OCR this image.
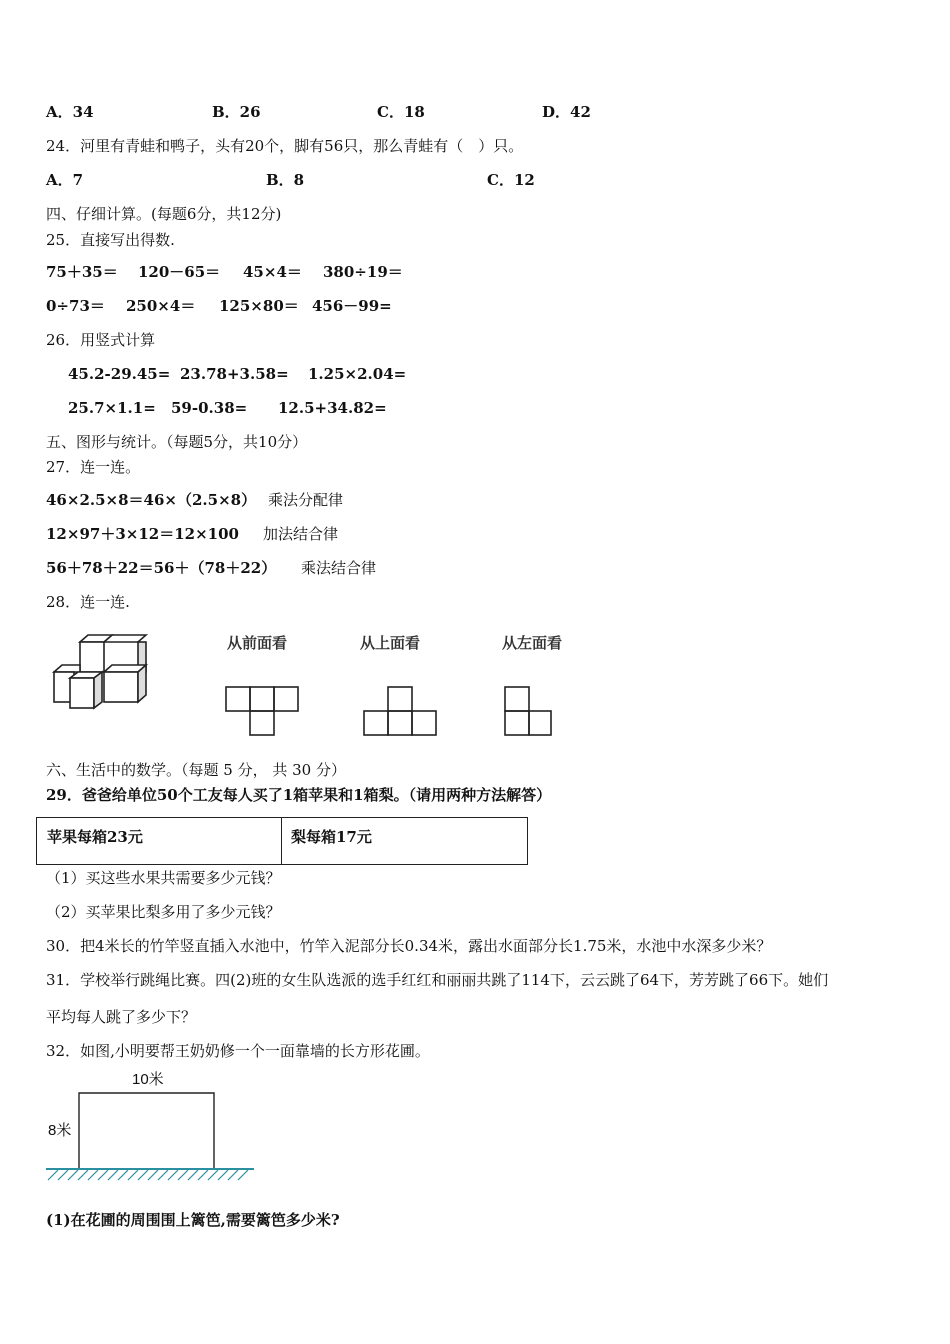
A．34	B．26	C．18	D．42
24．河里有青蛙和鸭子，头有20个，脚有56只，那么青蛙有（　）只。
A．7	B．8	C．12
四、仔细计算。(每题6分，共12分)
25．直接写出得数.
75＋35＝ 120－65＝ 45×4＝ 380÷19＝
0÷73＝ 250×4＝ 125×80＝ 456－99=
26．用竖式计算
45.2-29.45= 23.78+3.58= 1.25×2.04=
25.7×1.1= 59-0.38= 12.5+34.82=
五、图形与统计。（每题5分，共10分）
27．连一连。
46×2.5×8＝46×（2.5×8） 乘法分配律
12×97＋3×12＝12×100 加法结合律
56＋78＋22＝56＋（78＋22） 乘法结合律
28．连一连.
从前面看	从上面看	从左面看
六、生活中的数学。（每题 5 分， 共 30 分）
29．爸爸给单位50个工友每人买了1箱苹果和1箱梨。（请用两种方法解答）
苹果每箱23元	梨每箱17元
（1）买这些水果共需要多少元钱？
（2）买苹果比梨多用了多少元钱？
30．把4米长的竹竿竖直插入水池中，竹竿入泥部分长0.34米，露出水面部分长1.75米，水池中水深多少米？
31．学校举行跳绳比赛。四(2)班的女生队选派的选手红红和丽丽共跳了114下，云云跳了64下，芳芳跳了66下。她们
平均每人跳了多少下？
32．如图,小明要帮王奶奶修一个一面靠墙的长方形花圃。
10米
8米
(1)在花圃的周围围上篱笆,需要篱笆多少米?
